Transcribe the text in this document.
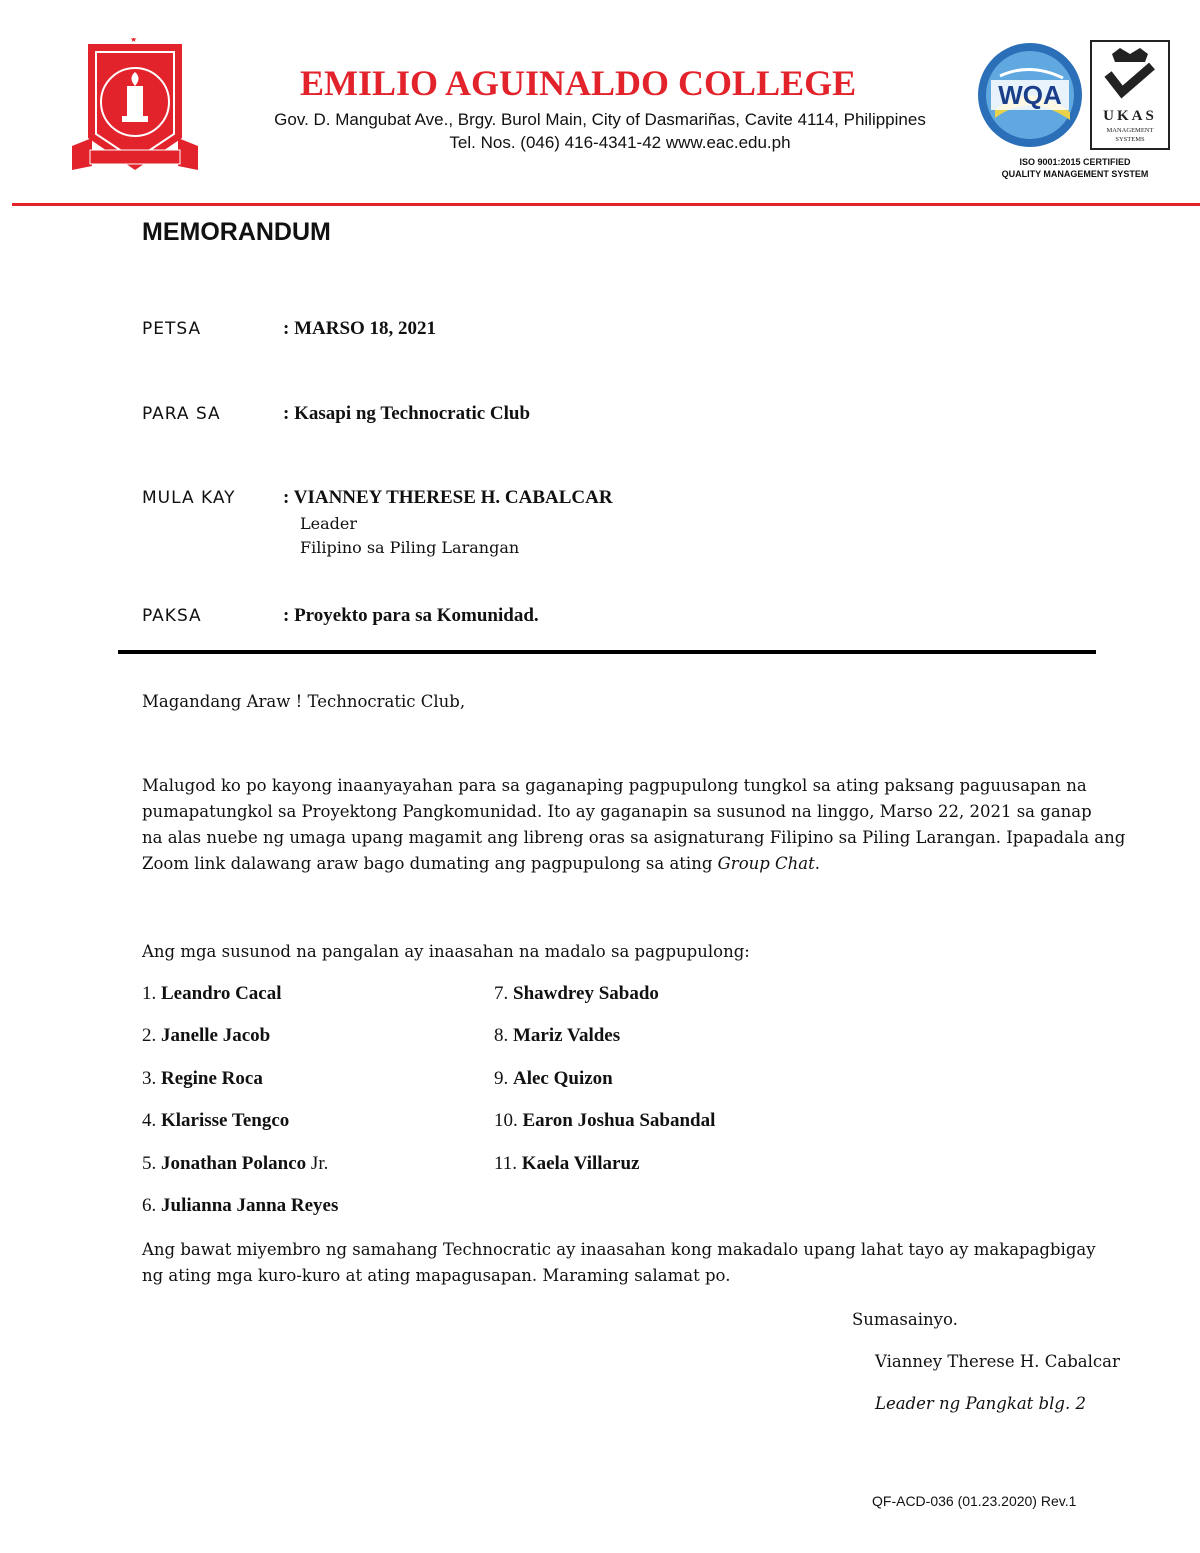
★
★
★
EMILIO AGUINALDO COLLEGE
Gov. D. Mangubat Ave., Brgy. Burol Main, City of Dasmariñas, Cavite 4114, Philippines
Tel. Nos. (046) 416-4341-42 www.eac.edu.ph
WQA
UKAS
MANAGEMENT
SYSTEMS
ISO 9001:2015 CERTIFIED
QUALITY MANAGEMENT SYSTEM
MEMORANDUM
PETSA	: MARSO 18, 2021
PARA SA	: Kasapi ng Technocratic Club
MULA KAY : VIANNEY THERESE H. CABALCAR
Leader
Filipino sa Piling Larangan
PAKSA	: Proyekto para sa Komunidad.
Magandang Araw ! Technocratic Club,
Malugod ko po kayong inaanyayahan para sa gaganaping pagpupulong tungkol sa ating paksang paguusapan na
pumapatungkol sa Proyektong Pangkomunidad. Ito ay gaganapin sa susunod na linggo, Marso 22, 2021 sa ganap
na alas nuebe ng umaga upang magamit ang libreng oras sa asignaturang Filipino sa Piling Larangan. Ipapadala ang
Zoom link dalawang araw bago dumating ang pagpupulong sa ating Group Chat.
Ang mga susunod na pangalan ay inaasahan na madalo sa pagpupulong:
1. Leandro Cacal
2. Janelle Jacob
3. Regine Roca
4. Klarisse Tengco
5. Jonathan Polanco Jr.
6. Julianna Janna Reyes
7. Shawdrey Sabado
8. Mariz Valdes
9. Alec Quizon
10. Earon Joshua Sabandal
11. Kaela Villaruz
Ang bawat miyembro ng samahang Technocratic ay inaasahan kong makadalo upang lahat tayo ay makapagbigay
ng ating mga kuro-kuro at ating mapagusapan. Maraming salamat po.
Sumasainyo.
Vianney Therese H. Cabalcar
Leader ng Pangkat blg. 2
QF-ACD-036 (01.23.2020) Rev.1
